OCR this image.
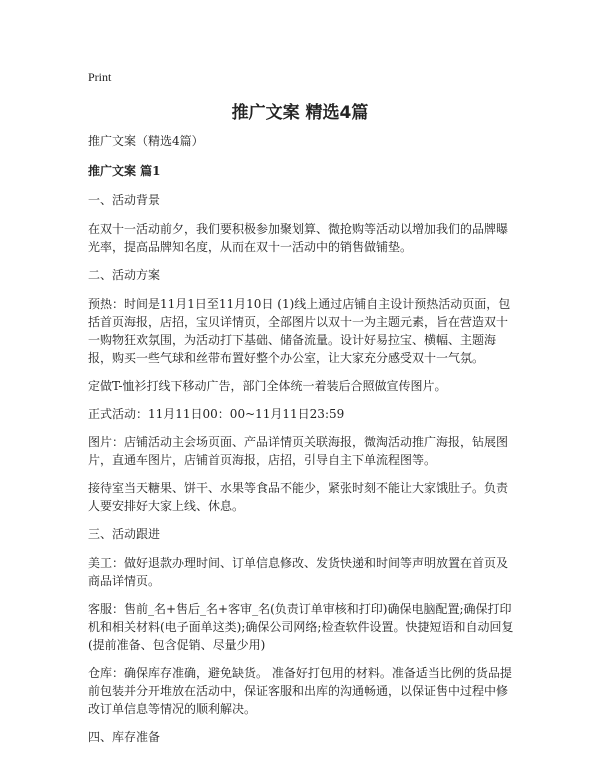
Print
推广文案 精选4篇

推广文案（精选4篇）

推广文案 篇1

一、活动背景

在双十一活动前夕，我们要积极参加聚划算、微抢购等活动以增加我们的品牌曝光率，提高品牌知名度，从而在双十一活动中的销售做铺垫。

二、活动方案

预热：时间是11月1日至11月10日 (1)线上通过店铺自主设计预热活动页面，包括首页海报，店招，宝贝详情页，全部图片以双十一为主题元素，旨在营造双十一购物狂欢氛围，为活动打下基础、储备流量。设计好易拉宝、横幅、主题海报，购买一些气球和丝带布置好整个办公室，让大家充分感受双十一气氛。

定做T-恤衫打线下移动广告，部门全体统一着装后合照做宣传图片。

正式活动：11月11日00：00~11月11日23:59

图片：店铺活动主会场页面、产品详情页关联海报，微淘活动推广海报，钻展图片，直通车图片，店铺首页海报，店招，引导自主下单流程图等。

接待室当天糖果、饼干、水果等食品不能少，紧张时刻不能让大家饿肚子。负责人要安排好大家上线、休息。

三、活动跟进

美工：做好退款办理时间、订单信息修改、发货快递和时间等声明放置在首页及商品详情页。

客服：售前_名+售后_名+客审_名(负责订单审核和打印)确保电脑配置;确保打印机和相关材料(电子面单这类);确保公司网络;检查软件设置。快捷短语和自动回复(提前准备、包含促销、尽量少用)

仓库：确保库存准确，避免缺货。 准备好打包用的材料。准备适当比例的货品提前包装并分开堆放在活动中，保证客服和出库的沟通畅通，以保证售中过程中修改订单信息等情况的顺利解决。

四、库存准备
